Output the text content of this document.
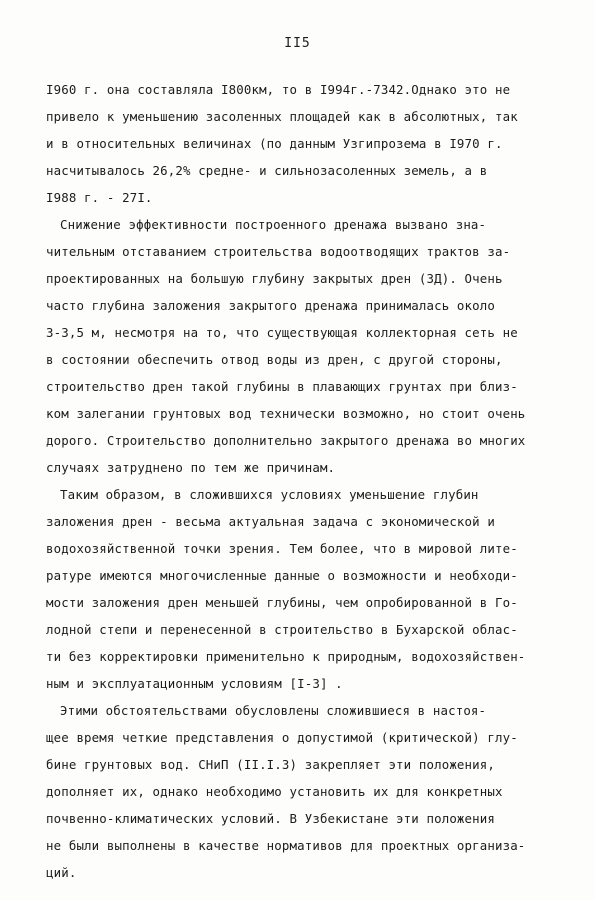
II5
I960 г. она составляла I800км, то в I994г.-7342.Однако это не
привело к уменьшению засоленных площадей как в абсолютных, так
и в относительных величинах (по данным Узгипрозема в I970 г.
насчитывалось 26,2% средне- и сильнозасоленных земель, а в
I988 г. - 27I.
Снижение эффективности построенного дренажа вызвано зна-
чительным отставанием строительства водоотводящих трактов за-
проектированных на большую глубину закрытых дрен (ЗД). Очень
часто глубина заложения закрытого дренажа принималась около
3-3,5 м, несмотря на то, что существующая коллекторная сеть не
в состоянии обеспечить отвод воды из дрен, с другой стороны,
строительство дрен такой глубины в плавающих грунтах при близ-
ком залегании грунтовых вод технически возможно, но стоит очень
дорого. Строительство дополнительно закрытого дренажа во многих
случаях затруднено по тем же причинам.
Таким образом, в сложившихся условиях уменьшение глубин
заложения дрен - весьма актуальная задача с экономической и
водохозяйственной точки зрения. Тем более, что в мировой лите-
ратуре имеются многочисленные данные о возможности и необходи-
мости заложения дрен меньшей глубины, чем опробированной в Го-
лодной степи и перенесенной в строительство в Бухарской облас-
ти без корректировки применительно к природным, водохозяйствен-
ным и эксплуатационным условиям [I-3] .
Этими обстоятельствами обусловлены сложившиеся в настоя-
щее время четкие представления о допустимой (критической) глу-
бине грунтовых вод. СНиП (II.I.3) закрепляет эти положения,
дополняет их, однако необходимо установить их для конкретных
почвенно-климатических условий. В Узбекистане эти положения
не были выполнены в качестве нормативов для проектных организа-
ций.
